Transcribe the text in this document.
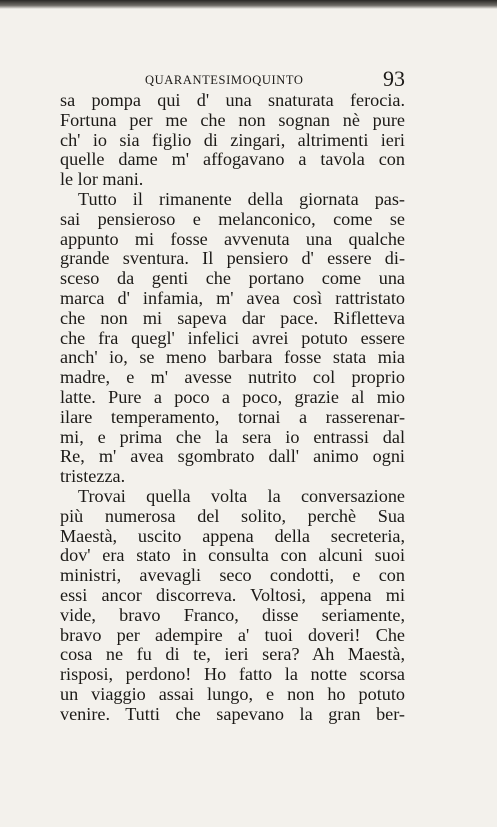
QUARANTESIMOQUINTO	93
sa pompa qui d' una snaturata ferocia.
Fortuna per me che non sognan nè pure
ch' io sia figlio di zingari, altrimenti ieri
quelle dame m' affogavano a tavola con
le lor mani.
Tutto il rimanente della giornata pas-
sai pensieroso e melanconico, come se
appunto mi fosse avvenuta una qualche
grande sventura. Il pensiero d' essere di-
sceso da genti che portano come una
marca d' infamia, m' avea così rattristato
che non mi sapeva dar pace. Rifletteva
che fra quegl' infelici avrei potuto essere
anch' io, se meno barbara fosse stata mia
madre, e m' avesse nutrito col proprio
latte. Pure a poco a poco, grazie al mio
ilare temperamento, tornai a rasserenar-
mi, e prima che la sera io entrassi dal
Re, m' avea sgombrato dall' animo ogni
tristezza.
Trovai quella volta la conversazione
più numerosa del solito, perchè Sua
Maestà, uscito appena della secreteria,
dov' era stato in consulta con alcuni suoi
ministri, avevagli seco condotti, e con
essi ancor discorreva. Voltosi, appena mi
vide, bravo Franco, disse seriamente,
bravo per adempire a' tuoi doveri! Che
cosa ne fu di te, ieri sera? Ah Maestà,
risposi, perdono! Ho fatto la notte scorsa
un viaggio assai lungo, e non ho potuto
venire. Tutti che sapevano la gran ber-
